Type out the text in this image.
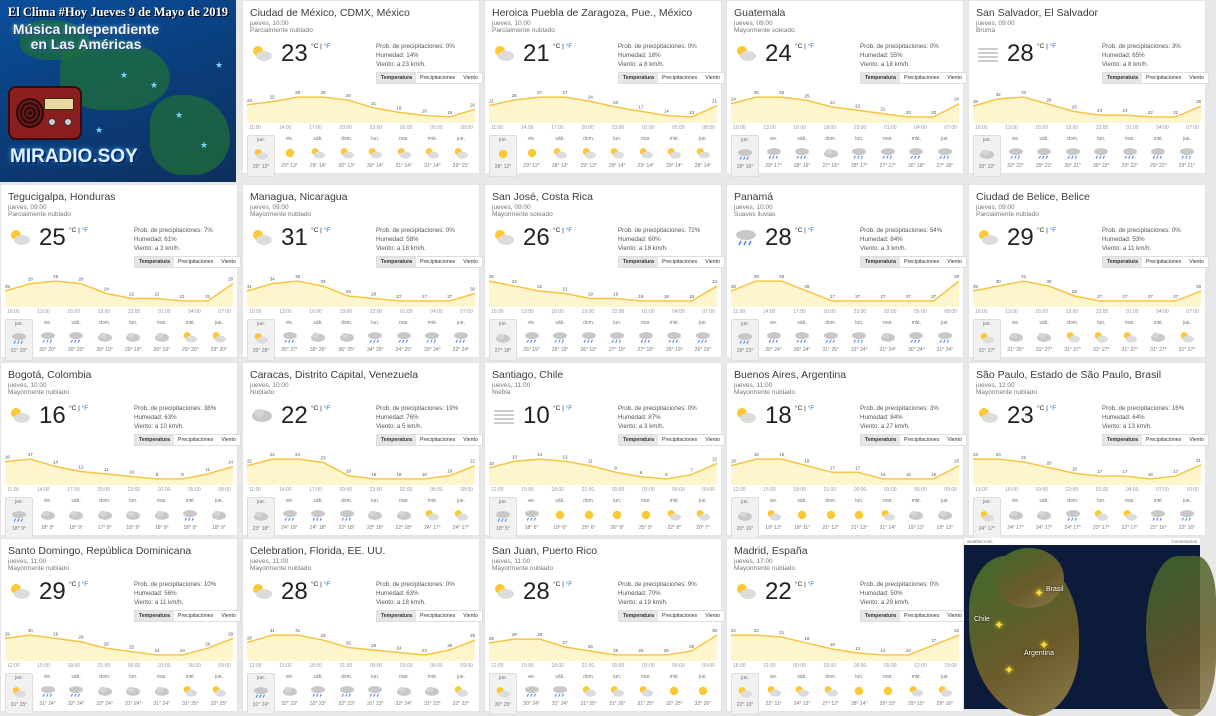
El Clima #Hoy Jueves 9 de Mayo de 2019
Música Independiente en Las Américas
★
★
★
★
★
★
MIRADIO.SOY
Ciudad de México, CDMX, México
jueves, 10:00
Parcialmente nublado
23 °C | °F	Prob. de precipitaciones: 0%
Humedad: 14%
Viento: a 23 km/h.
Temperatura	Precipitaciones	Viento
23
25
28	28
26
21
18
16	15
20
11:00	14:00	17:00	20:00	23:00	02:00	05:00	08:00
jue.
29° 12°
vie.
29° 13°
sáb.
29° 14°
dom.
30° 13°
lun.
30° 14°
mar.
31° 14°
mié.
31° 14°
jue.
29° 15°
Heroica Puebla de Zaragoza, Pue., México
jueves, 10:00
Parcialmente nublado
21 °C | °F	Prob. de precipitaciones: 0%
Humedad: 18%
Viento: a 8 km/h.
Temperatura	Precipitaciones	Viento
21
25
27	27
24
20
17
14	13
21
11:00	14:00	17:00	20:00	23:00	02:00	05:00	08:00
jue.
28° 12°
vie.
29° 12°
sáb.
28° 13°
dom.
29° 13°
lun.
29° 14°
mar.
29° 14°
mié.
29° 14°
jue.
28° 14°
Guatemala
jueves, 09:00
Mayormente soleado
24 °C | °F	Prob. de precipitaciones: 0%
Humedad: 55%
Viento: a 18 km/h.
Temperatura	Precipitaciones	Viento
24
26	26
25
23
22
21
20	20
24
10:00	13:00	16:00	19:00	22:00	01:00	04:00	07:00
jue.
28° 16°
vie.
29° 17°
sáb.
28° 16°
dom.
27° 16°
lun.
28° 17°
mar.
27° 17°
mié.
26° 18°
jue.
27° 18°
San Salvador, El Salvador
jueves, 09:00
Bruma
28 °C | °F	Prob. de precipitaciones: 3%
Humedad: 65%
Viento: a 8 km/h.
Temperatura	Precipitaciones	Viento
28
32	33
29
25
23	23	22	22
28
10:00	13:00	16:00	19:00	22:00	01:00	04:00	07:00
jue.
33° 22°
vie.
32° 22°
sáb.
29° 21°
dom.
30° 21°
lun.
30° 22°
mar.
29° 22°
mié.
29° 22°
jue.
29° 21°
Tegucigalpa, Honduras
jueves, 09:00
Parcialmente nublado
25 °C | °F	Prob. de precipitaciones: 7%
Humedad: 61%
Viento: a 3 km/h.
Temperatura	Precipitaciones	Viento
25
28	29	28
24
22	22	21	21
28
10:00	13:00	16:00	19:00	22:00	01:00	04:00	07:00
jue.
31° 20°
vie.
30° 20°
sáb.
30° 20°
dom.
30° 19°
lun.
29° 19°
mar.
30° 19°
mié.
29° 20°
jue.
29° 20°
Managua, Nicaragua
jueves, 09:00
Mayormente nublado
31 °C | °F	Prob. de precipitaciones: 0%
Humedad: 58%
Viento: a 18 km/h.
Temperatura	Precipitaciones	Viento
31
34	35
33
29	28	27	27	27
30
10:00	13:00	16:00	19:00	22:00	01:00	04:00	07:00
jue.
35° 28°
vie.
35° 27°
sáb.
35° 26°
dom.
36° 25°
lun.
34° 25°
mar.
34° 25°
mié.
33° 24°
jue.
32° 24°
San José, Costa Rica
jueves, 09:00
Mayormente soleado
26 °C | °F	Prob. de precipitaciones: 72%
Humedad: 60%
Viento: a 18 km/h.
Temperatura	Precipitaciones	Viento
26
24
22	21
19	19	18	18	18
24
10:00	13:00	16:00	19:00	22:00	01:00	04:00	07:00
jue.
27° 18°
vie.
26° 19°
sáb.
26° 19°
dom.
26° 19°
lun.
27° 19°
mar.
27° 19°
mié.
26° 19°
jue.
26° 19°
Panamá
jueves, 10:00
Suaves lluvias
28 °C | °F	Prob. de precipitaciones: 54%
Humedad: 84%
Viento: a 3 km/h.
Temperatura	Precipitaciones	Viento
28
29	29
28
27	27	27	27	27
29
11:00	14:00	17:00	20:00	23:00	02:00	05:00	08:00
jue.
29° 23°
vie.
30° 24°
sáb.
30° 24°
dom.
31° 25°
lun.
31° 24°
mar.
31° 24°
mié.
30° 24°
jue.
31° 24°
Ciudad de Belice, Belice
jueves, 09:00
Parcialmente nublado
29 °C | °F	Prob. de precipitaciones: 0%
Humedad: 53%
Viento: a 11 km/h.
Temperatura	Precipitaciones	Viento
29
30
31
30
28
27	27	27	27
29
10:00	13:00	16:00	19:00	22:00	01:00	04:00	07:00
jue.
31° 27°
vie.
31° 26°
sáb.
31° 27°
dom.
31° 27°
lun.
31° 27°
mar.
31° 27°
mié.
31° 27°
jue.
31° 27°
Bogotá, Colombia
jueves, 10:00
Mayormente nublado
16 °C | °F	Prob. de precipitaciones: 38%
Humedad: 63%
Viento: a 10 km/h.
Temperatura	Precipitaciones	Viento
16	17
14
12	11	10	9	9
11
14
11:00	14:00	17:00	20:00	23:00	02:00	05:00	08:00
jue.
18° 9°
vie.
18° 9°
sáb.
18° 9°
dom.
17° 9°
lun.
18° 9°
mar.
18° 9°
mié.
18° 9°
jue.
18° 9°
Caracas, Distrito Capital, Venezuela
jueves, 10:00
Nublado
22 °C | °F	Prob. de precipitaciones: 19%
Humedad: 76%
Viento: a 5 km/h.
Temperatura	Precipitaciones	Viento
22
24	24
23
19
18	18	18
19
22
11:00	14:00	17:00	20:00	23:00	02:00	05:00	08:00
jue.
23° 18°
vie.
24° 18°
sáb.
24° 18°
dom.
22° 18°
lun.
23° 18°
mar.
22° 18°
mié.
24° 17°
jue.
24° 17°
Santiago, Chile
jueves, 11:00
Niebla
10 °C | °F	Prob. de precipitaciones: 0%
Humedad: 87%
Viento: a 3 km/h.
Temperatura	Precipitaciones	Viento
10
13	14	13
11
8
6	5
7
12
12:00	15:00	18:00	21:00	00:00	03:00	06:00	09:00
jue.
18° 5°
vie.
18° 6°
sáb.
19° 6°
dom.
20° 6°
lun.
26° 9°
mar.
25° 9°
mié.
22° 8°
jue.
20° 7°
Buenos Aires, Argentina
jueves, 11:00
Mayormente nublado
18 °C | °F	Prob. de precipitaciones: 3%
Humedad: 84%
Viento: a 27 km/h.
Temperatura	Precipitaciones	Viento
18
19	19
18
17	17
16	16	16
18
12:00	15:00	18:00	21:00	00:00	03:00	06:00	09:00
jue.
20° 16°
vie.
19° 12°
sáb.
18° 11°
dom.
21° 12°
lun.
21° 13°
mar.
21° 14°
mié.
19° 12°
jue.
19° 13°
São Paulo, Estado de São Paulo, Brasil
jueves, 12:00
Mayormente nublado
23 °C | °F	Prob. de precipitaciones: 16%
Humedad: 64%
Viento: a 13 km/h.
Temperatura	Precipitaciones	Viento
23	23
22
20
18
17	17
16
17
21
13:00	16:00	19:00	22:00	01:00	04:00	07:00	10:00
jue.
24° 17°
vie.
24° 17°
sáb.
24° 17°
dom.
24° 17°
lun.
23° 17°
mar.
22° 17°
mié.
22° 16°
jue.
22° 16°
Santo Domingo, República Dominicana
jueves, 11:00
Mayormente nublado
29 °C | °F	Prob. de precipitaciones: 10%
Humedad: 56%
Viento: a 11 km/h.
Temperatura	Precipitaciones	Viento
29
30
29
28
26
25
24	24
26
29
12:00	15:00	18:00	21:00	00:00	03:00	06:00	09:00
jue.
31° 25°
vie.
31° 24°
sáb.
32° 24°
dom.
32° 24°
lun.
31° 24°
mar.
31° 24°
mié.
31° 25°
jue.
32° 25°
Celebration, Florida, EE. UU.
jueves, 11:00
Mayormente nublado
28 °C | °F	Prob. de precipitaciones: 0%
Humedad: 63%
Viento: a 18 km/h.
Temperatura	Precipitaciones	Viento
28
31	31
29
26	25	24	23
25
29
12:00	15:00	18:00	21:00	00:00	03:00	06:00	09:00
jue.
31° 24°
vie.
32° 23°
sáb.
32° 23°
dom.
32° 23°
lun.
31° 23°
mar.
32° 24°
mié.
31° 23°
jue.
32° 22°
San Juan, Puerto Rico
jueves, 11:00
Mayormente nublado
28 °C | °F	Prob. de precipitaciones: 9%
Humedad: 70%
Viento: a 19 km/h.
Temperatura	Precipitaciones	Viento
28
29	29
27
26
25	25	25
26
30
12:00	15:00	18:00	21:00	00:00	03:00	06:00	09:00
jue.
30° 25°
vie.
30° 24°
sáb.
31° 24°
dom.
31° 25°
lun.
31° 26°
mar.
31° 25°
mié.
32° 25°
jue.
32° 26°
Madrid, España
jueves, 17:00
Mayormente nublado
22 °C | °F	Prob. de precipitaciones: 0%
Humedad: 50%
Viento: a 29 km/h.
Temperatura	Precipitaciones	Viento
22	22	21
18
15
13	12	12
17
22
18:00	21:00	00:00	03:00	06:00	09:00	12:00	15:00
jue.
22° 13°
vie.
22° 11°
sáb.
24° 12°
dom.
27° 12°
lun.
28° 14°
mar.
29° 15°
mié.
29° 15°
jue.
29° 16°
weather.com	Comentarios
Brasil
Chile
Argentina
✦
✦
✦
✦
